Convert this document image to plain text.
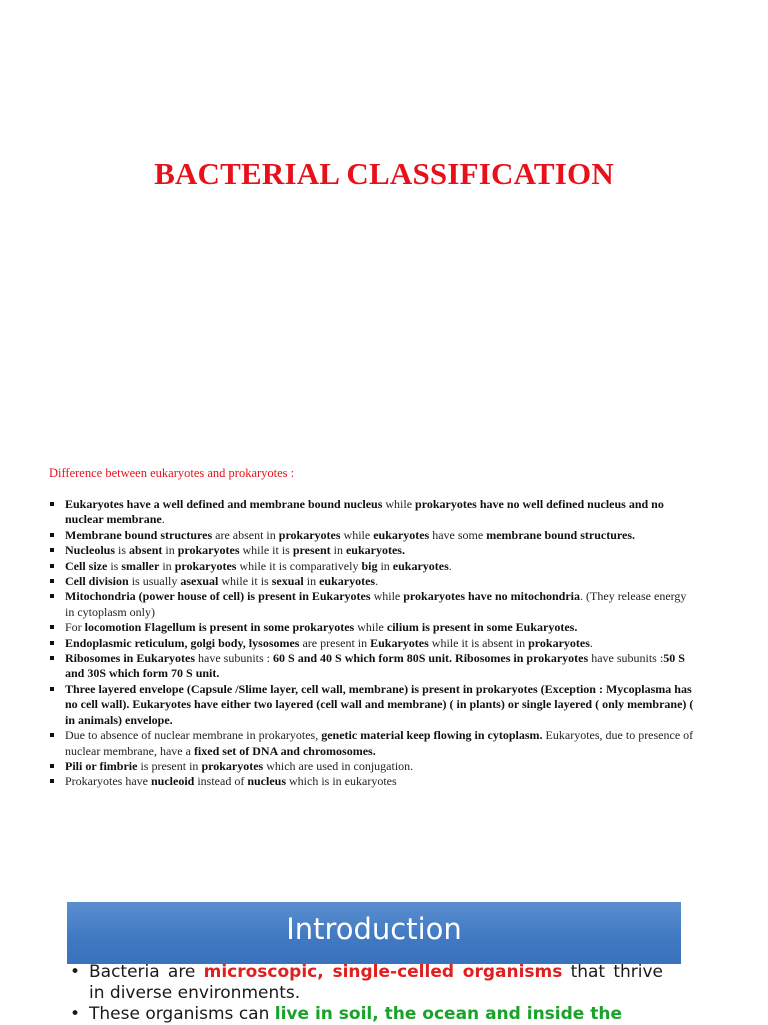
BACTERIAL CLASSIFICATION
Difference between eukaryotes and prokaryotes :
Eukaryotes have a well defined and membrane bound nucleus while prokaryotes have no well defined nucleus and no nuclear membrane.
Membrane bound structures are absent in prokaryotes while eukaryotes have some membrane bound structures.
Nucleolus is absent in prokaryotes while it is present in eukaryotes.
Cell size is smaller in prokaryotes while it is comparatively big in eukaryotes.
Cell division is usually asexual while it is sexual in eukaryotes.
Mitochondria (power house of cell) is present in Eukaryotes while prokaryotes have no mitochondria. (They release energy in cytoplasm only)
For locomotion Flagellum is present in some prokaryotes while cilium is present in some Eukaryotes.
Endoplasmic reticulum, golgi body, lysosomes are present in Eukaryotes while it is absent in prokaryotes.
Ribosomes in Eukaryotes have subunits : 60 S and 40 S which form 80S unit. Ribosomes in prokaryotes have subunits :50 S and 30S which form 70 S unit.
Three layered envelope (Capsule /Slime layer, cell wall, membrane) is present in prokaryotes (Exception : Mycoplasma has no cell wall). Eukaryotes have either two layered (cell wall and membrane) ( in plants) or single layered ( only membrane) ( in animals) envelope.
Due to absence of nuclear membrane in prokaryotes, genetic material keep flowing in cytoplasm. Eukaryotes, due to presence of nuclear membrane, have a fixed set of DNA and chromosomes.
Pili or fimbrie is present in prokaryotes which are used in conjugation.
Prokaryotes have nucleoid instead of nucleus which is in eukaryotes
Introduction
• Bacteria are microscopic, single-celled organisms that thrive in diverse environments.
• These organisms can live in soil, the ocean and inside the
